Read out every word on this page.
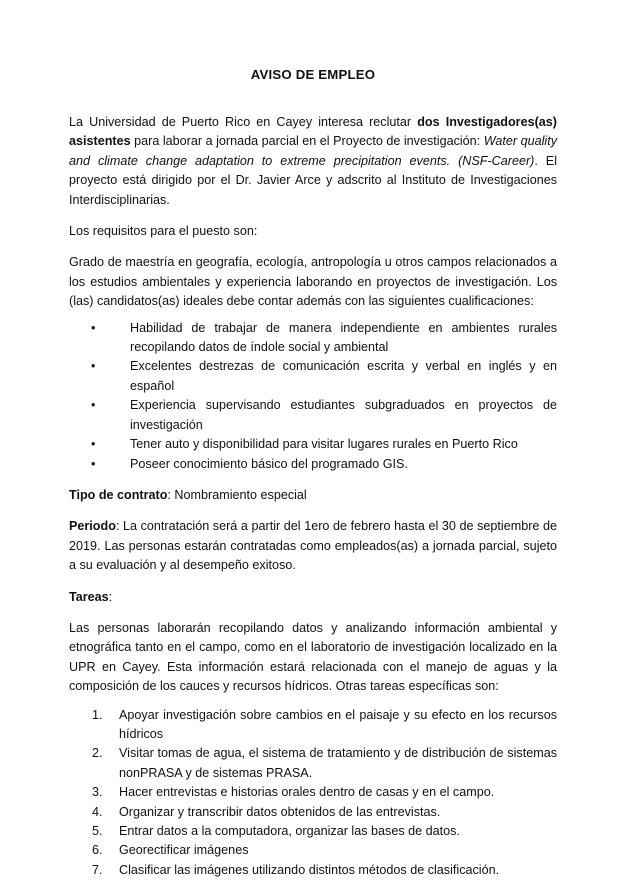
AVISO DE EMPLEO

La Universidad de Puerto Rico en Cayey interesa reclutar dos Investigadores(as) asistentes para laborar a jornada parcial en el Proyecto de investigación: Water quality and climate change adaptation to extreme precipitation events. (NSF-Career). El proyecto está dirigido por el Dr. Javier Arce y adscrito al Instituto de Investigaciones Interdisciplinarias.

Los requisitos para el puesto son:

Grado de maestría en geografía, ecología, antropología u otros campos relacionados a los estudios ambientales y experiencia laborando en proyectos de investigación. Los (las) candidatos(as) ideales debe contar además con las siguientes cualificaciones:

•	Habilidad de trabajar de manera independiente en ambientes rurales recopilando datos de índole social y ambiental
•	Excelentes destrezas de comunicación escrita y verbal en inglés y en español
•	Experiencia supervisando estudiantes subgraduados en proyectos de investigación
•	Tener auto y disponibilidad para visitar lugares rurales en Puerto Rico
•	Poseer conocimiento básico del programado GIS.

Tipo de contrato: Nombramiento especial

Periodo: La contratación será a partir del 1ero de febrero hasta el 30 de septiembre de 2019. Las personas estarán contratadas como empleados(as) a jornada parcial, sujeto a su evaluación y al desempeño exitoso.

Tareas:

Las personas laborarán recopilando datos y analizando información ambiental y etnográfica tanto en el campo, como en el laboratorio de investigación localizado en la UPR en Cayey. Esta información estará relacionada con el manejo de aguas y la composición de los cauces y recursos hídricos. Otras tareas específicas son:

1.	Apoyar investigación sobre cambios en el paisaje y su efecto en los recursos hídricos
2.	Visitar tomas de agua, el sistema de tratamiento y de distribución de sistemas nonPRASA y de sistemas PRASA.
3.	Hacer entrevistas e historias orales dentro de casas y en el campo.
4.	Organizar y transcribir datos obtenidos de las entrevistas.
5.	Entrar datos a la computadora, organizar las bases de datos.
6.	Georectificar imágenes
7.	Clasificar las imágenes utilizando distintos métodos de clasificación.
